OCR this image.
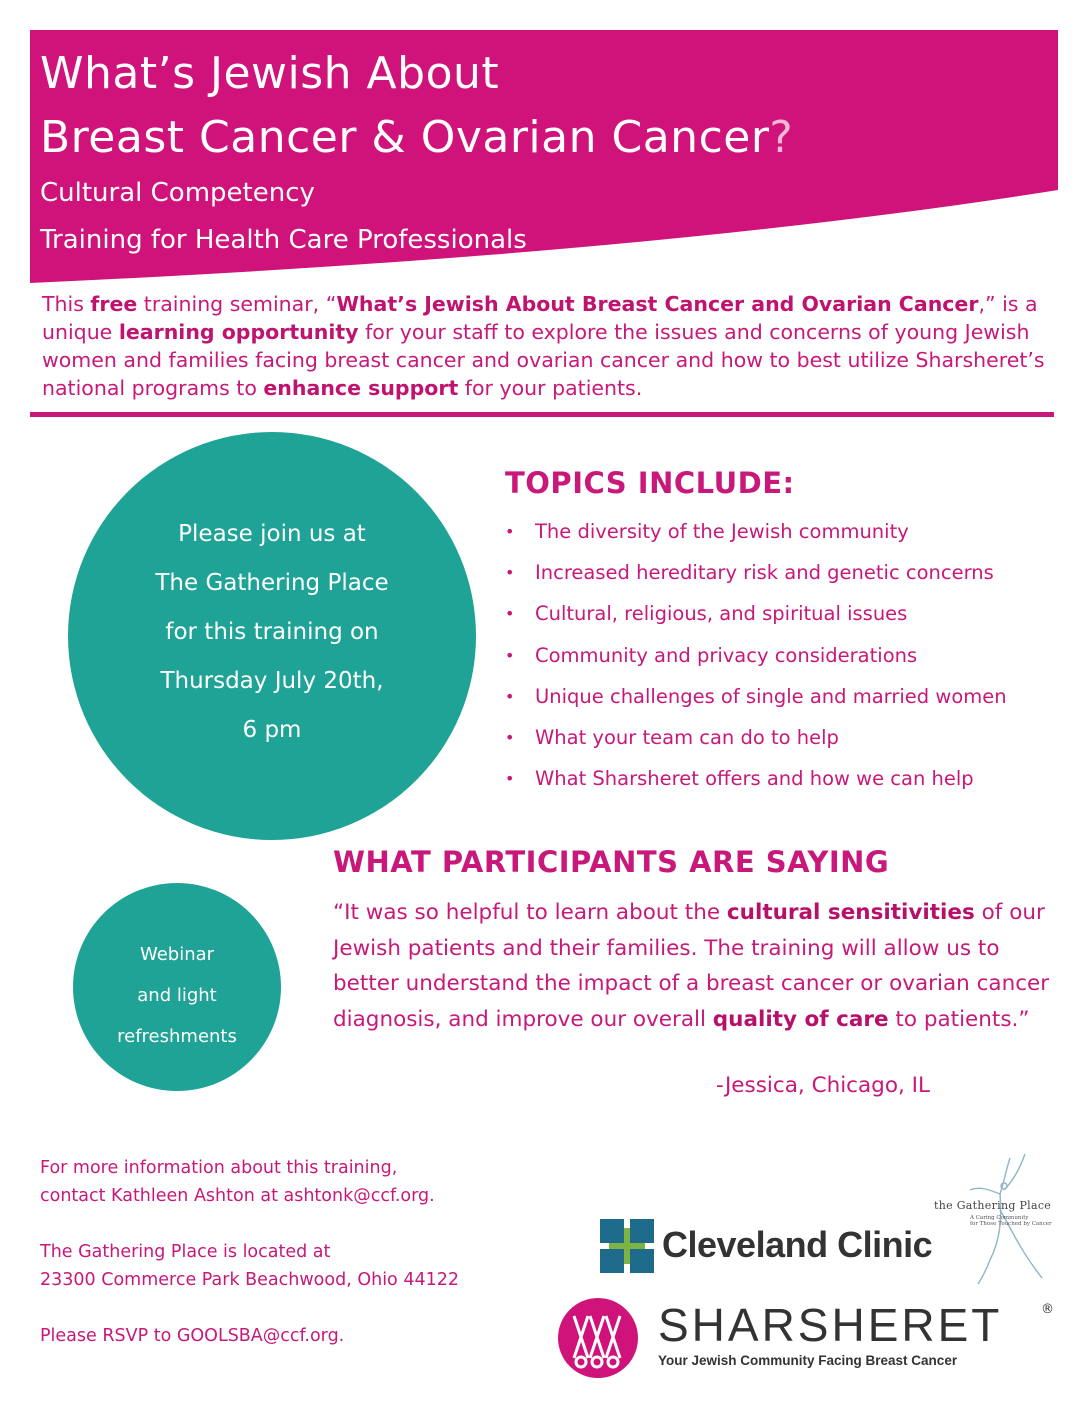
What’s Jewish About
Breast Cancer & Ovarian Cancer?

Cultural Competency

Training for Health Care Professionals

This free training seminar, “What’s Jewish About Breast Cancer and Ovarian Cancer,” is a unique learning opportunity for your staff to explore the issues and concerns of young Jewish women and families facing breast cancer and ovarian cancer and how to best utilize Sharsheret’s national programs to enhance support for your patients.

Please join us at
The Gathering Place
for this training on
Thursday July 20th,
6 pm

TOPICS INCLUDE:
• The diversity of the Jewish community
• Increased hereditary risk and genetic concerns
• Cultural, religious, and spiritual issues
• Community and privacy considerations
• Unique challenges of single and married women
• What your team can do to help
• What Sharsheret offers and how we can help

Webinar
and light
refreshments

WHAT PARTICIPANTS ARE SAYING

“It was so helpful to learn about the cultural sensitivities of our Jewish patients and their families. The training will allow us to better understand the impact of a breast cancer or ovarian cancer diagnosis, and improve our overall quality of care to patients.”

-Jessica, Chicago, IL

For more information about this training,
contact Kathleen Ashton at ashtonk@ccf.org.

The Gathering Place is located at
23300 Commerce Park Beachwood, Ohio 44122

Please RSVP to GOOLSBA@ccf.org.

Cleveland Clinic
the Gathering Place
A Caring Community
for Those Touched by Cancer
SHARSHERET	®
Your Jewish Community Facing Breast Cancer
